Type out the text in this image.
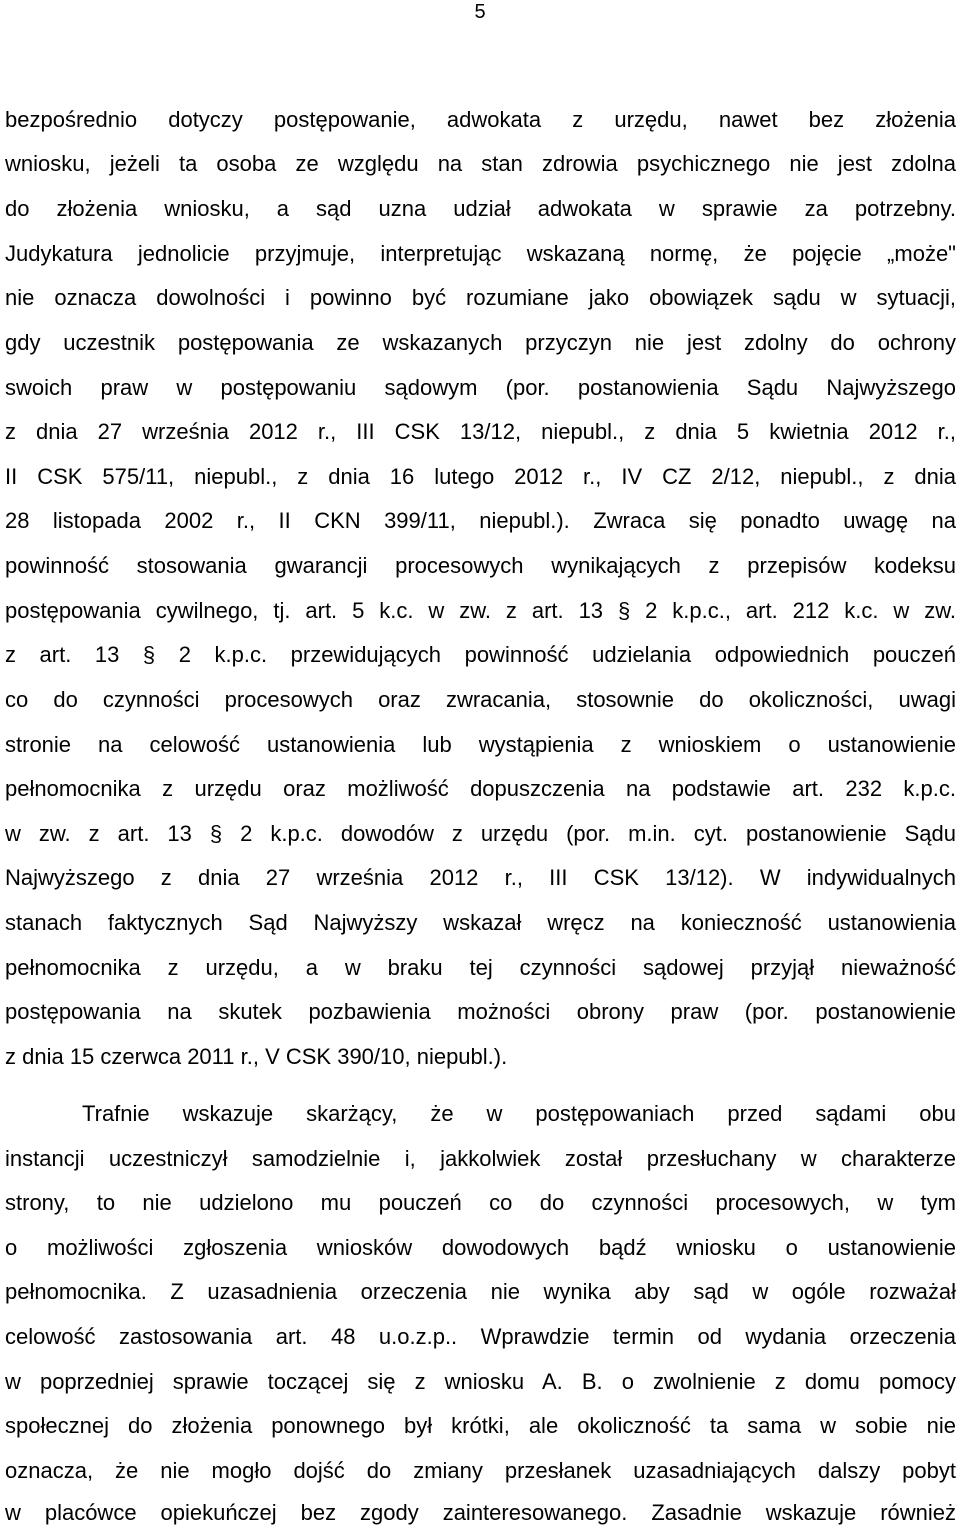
5
bezpośrednio dotyczy postępowanie, adwokata z urzędu, nawet bez złożenia
wniosku, jeżeli ta osoba ze względu na stan zdrowia psychicznego nie jest zdolna
do złożenia wniosku, a sąd uzna udział adwokata w sprawie za potrzebny.
Judykatura jednolicie przyjmuje, interpretując wskazaną normę, że pojęcie „może"
nie oznacza dowolności i powinno być rozumiane jako obowiązek sądu w sytuacji,
gdy uczestnik postępowania ze wskazanych przyczyn nie jest zdolny do ochrony
swoich praw w postępowaniu sądowym (por. postanowienia Sądu Najwyższego
z dnia 27 września 2012 r., III CSK 13/12, niepubl., z dnia 5 kwietnia 2012 r.,
II CSK 575/11, niepubl., z dnia 16 lutego 2012 r., IV CZ 2/12, niepubl., z dnia
28 listopada 2002 r., II CKN 399/11, niepubl.). Zwraca się ponadto uwagę na
powinność stosowania gwarancji procesowych wynikających z przepisów kodeksu
postępowania cywilnego, tj. art. 5 k.c. w zw. z art. 13 § 2 k.p.c., art. 212 k.c. w zw.
z art. 13 § 2 k.p.c. przewidujących powinność udzielania odpowiednich pouczeń
co do czynności procesowych oraz zwracania, stosownie do okoliczności, uwagi
stronie na celowość ustanowienia lub wystąpienia z wnioskiem o ustanowienie
pełnomocnika z urzędu oraz możliwość dopuszczenia na podstawie art. 232 k.p.c.
w zw. z art. 13 § 2 k.p.c. dowodów z urzędu (por. m.in. cyt. postanowienie Sądu
Najwyższego z dnia 27 września 2012 r., III CSK 13/12). W indywidualnych
stanach faktycznych Sąd Najwyższy wskazał wręcz na konieczność ustanowienia
pełnomocnika z urzędu, a w braku tej czynności sądowej przyjął nieważność
postępowania na skutek pozbawienia możności obrony praw (por. postanowienie
z dnia 15 czerwca 2011 r., V CSK 390/10, niepubl.).
Trafnie wskazuje skarżący, że w postępowaniach przed sądami obu
instancji uczestniczył samodzielnie i, jakkolwiek został przesłuchany w charakterze
strony, to nie udzielono mu pouczeń co do czynności procesowych, w tym
o możliwości zgłoszenia wniosków dowodowych bądź wniosku o ustanowienie
pełnomocnika. Z uzasadnienia orzeczenia nie wynika aby sąd w ogóle rozważał
celowość zastosowania art. 48 u.o.z.p.. Wprawdzie termin od wydania orzeczenia
w poprzedniej sprawie toczącej się z wniosku A. B. o zwolnienie z domu pomocy
społecznej do złożenia ponownego był krótki, ale okoliczność ta sama w sobie nie
oznacza, że nie mogło dojść do zmiany przesłanek uzasadniających dalszy pobyt
w placówce opiekuńczej bez zgody zainteresowanego. Zasadnie wskazuje również
